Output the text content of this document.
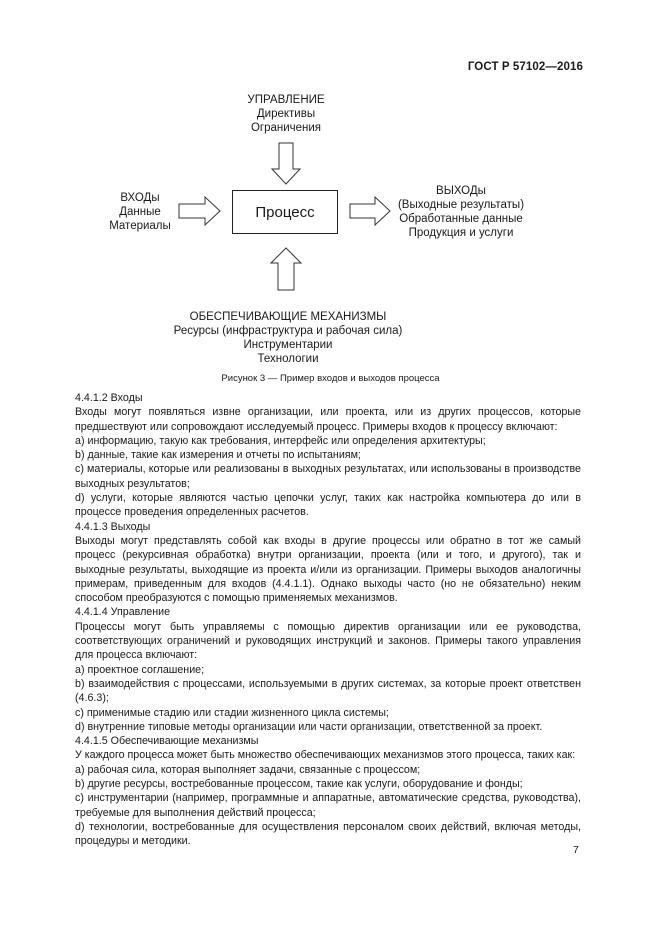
ГОСТ Р 57102—2016
УПРАВЛЕНИЕ
Директивы
Ограничения
ВХОДы
Данные
Материалы
Процесс
ВЫХОДы
(Выходные результаты)
Обработанные данные
Продукция и услуги
ОБЕСПЕЧИВАЮЩИЕ МЕХАНИЗМЫ
Ресурсы (инфраструктура и рабочая сила)
Инструментарии
Технологии
Рисунок 3 — Пример входов и выходов процесса

4.4.1.2 Входы

Входы могут появляться извне организации, или проекта, или из других процессов, которые предшествуют или сопровождают исследуемый процесс. Примеры входов к процессу включают:

a) информацию, такую как требования, интерфейс или определения архитектуры;

b) данные, такие как измерения и отчеты по испытаниям;

c) материалы, которые или реализованы в выходных результатах, или использованы в производстве выходных результатов;

d) услуги, которые являются частью цепочки услуг, таких как настройка компьютера до или в процессе проведения определенных расчетов.

4.4.1.3 Выходы

Выходы могут представлять собой как входы в другие процессы или обратно в тот же самый процесс (рекурсивная обработка) внутри организации, проекта (или и того, и другого), так и выходные результаты, выходящие из проекта и/или из организации. Примеры выходов аналогичны примерам, приведенным для входов (4.4.1.1). Однако выходы часто (но не обязательно) неким способом преобразуются с помощью применяемых механизмов.

4.4.1.4 Управление

Процессы могут быть управляемы с помощью директив организации или ее руководства, соответствующих ограничений и руководящих инструкций и законов. Примеры такого управления для процесса включают:

a) проектное соглашение;

b) взаимодействия с процессами, используемыми в других системах, за которые проект ответствен (4.6.3);

c) применимые стадию или стадии жизненного цикла системы;

d) внутренние типовые методы организации или части организации, ответственной за проект.

4.4.1.5 Обеспечивающие механизмы

У каждого процесса может быть множество обеспечивающих механизмов этого процесса, таких как:

a) рабочая сила, которая выполняет задачи, связанные с процессом;

b) другие ресурсы, востребованные процессом, такие как услуги, оборудование и фонды;

c) инструментарии (например, программные и аппаратные, автоматические средства, руководства), требуемые для выполнения действий процесса;

d) технологии, востребованные для осуществления персоналом своих действий, включая методы, процедуры и методики.

7
